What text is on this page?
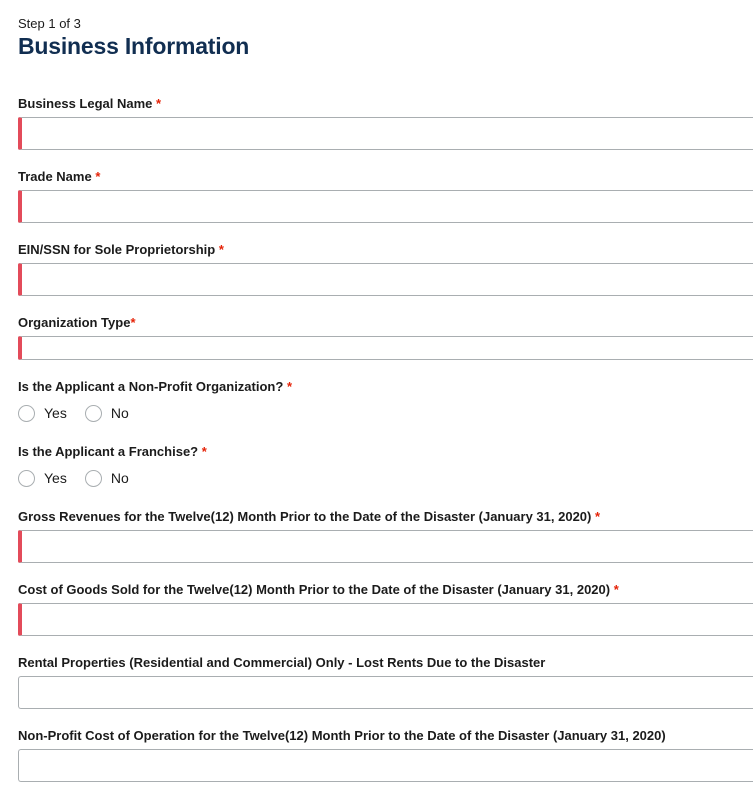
Step 1 of 3
Business Information
Business Legal Name *
Trade Name *
EIN/SSN for Sole Proprietorship *
Organization Type*
Is the Applicant a Non-Profit Organization? *
Yes	No
Is the Applicant a Franchise? *
Yes	No
Gross Revenues for the Twelve(12) Month Prior to the Date of the Disaster (January 31, 2020) *
Cost of Goods Sold for the Twelve(12) Month Prior to the Date of the Disaster (January 31, 2020) *
Rental Properties (Residential and Commercial) Only - Lost Rents Due to the Disaster
Non-Profit Cost of Operation for the Twelve(12) Month Prior to the Date of the Disaster (January 31, 2020)
